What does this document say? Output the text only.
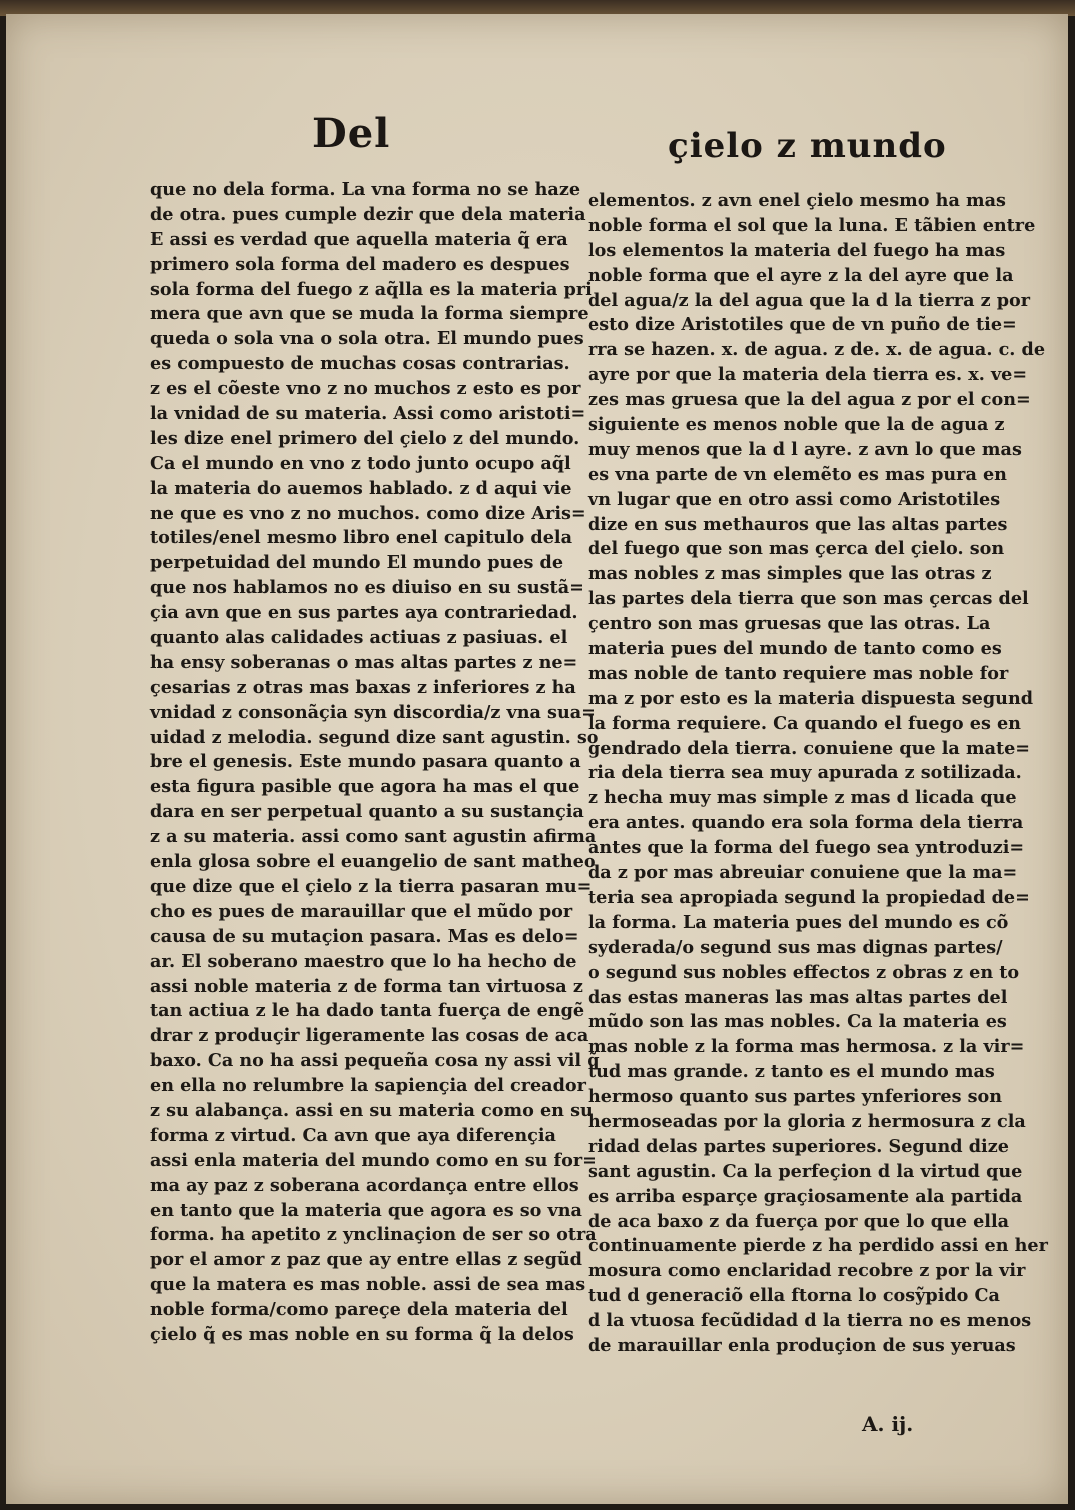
Del	çielo z mundo
que no dela forma. La vna forma no se haze
de otra. pues cumple dezir que dela materia
E assi es verdad que aquella materia q̃ era
primero sola forma del madero es despues
sola forma del fuego z aq̃lla es la materia pri
mera que avn que se muda la forma siempre
queda o sola vna o sola otra. El mundo pues
es compuesto de muchas cosas contrarias.
z es el cõeste vno z no muchos z esto es por
la vnidad de su materia. Assi como aristoti=
les dize enel primero del çielo z del mundo.
Ca el mundo en vno z todo junto ocupo aq̃l
la materia do auemos hablado. z d aqui vie
ne que es vno z no muchos. como dize Aris=
totiles/enel mesmo libro enel capitulo dela
perpetuidad del mundo El mundo pues de
que nos hablamos no es diuiso en su sustã=
çia avn que en sus partes aya contrariedad.
quanto alas calidades actiuas z pasiuas. el
ha ensy soberanas o mas altas partes z ne=
çesarias z otras mas baxas z inferiores z ha
vnidad z consonãçia syn discordia/z vna sua=
uidad z melodia. segund dize sant agustin. so
bre el genesis. Este mundo pasara quanto a
esta figura pasible que agora ha mas el que
dara en ser perpetual quanto a su sustançia
z a su materia. assi como sant agustin afirma
enla glosa sobre el euangelio de sant matheo
que dize que el çielo z la tierra pasaran mu=
cho es pues de marauillar que el mũdo por
causa de su mutaçion pasara. Mas es delo=
ar. El soberano maestro que lo ha hecho de
assi noble materia z de forma tan virtuosa z
tan actiua z le ha dado tanta fuerça de engẽ
drar z produçir ligeramente las cosas de aca
baxo. Ca no ha assi pequeña cosa ny assi vil q̃
en ella no relumbre la sapiençia del creador
z su alabança. assi en su materia como en su
forma z virtud. Ca avn que aya diferençia
assi enla materia del mundo como en su for=
ma ay paz z soberana acordança entre ellos
en tanto que la materia que agora es so vna
forma. ha apetito z ynclinaçion de ser so otra
por el amor z paz que ay entre ellas z segũd
que la matera es mas noble. assi de sea mas
noble forma/como pareçe dela materia del
çielo q̃ es mas noble en su forma q̃ la delos
elementos. z avn enel çielo mesmo ha mas
noble forma el sol que la luna. E tãbien entre
los elementos la materia del fuego ha mas
noble forma que el ayre z la del ayre que la
del agua/z la del agua que la d la tierra z por
esto dize Aristotiles que de vn puño de tie=
rra se hazen. x. de agua. z de. x. de agua. c. de
ayre por que la materia dela tierra es. x. ve=
zes mas gruesa que la del agua z por el con=
siguiente es menos noble que la de agua z
muy menos que la d l ayre. z avn lo que mas
es vna parte de vn elemẽto es mas pura en
vn lugar que en otro assi como Aristotiles
dize en sus methauros que las altas partes
del fuego que son mas çerca del çielo. son
mas nobles z mas simples que las otras z
las partes dela tierra que son mas çercas del
çentro son mas gruesas que las otras. La
materia pues del mundo de tanto como es
mas noble de tanto requiere mas noble for
ma z por esto es la materia dispuesta segund
la forma requiere. Ca quando el fuego es en
gendrado dela tierra. conuiene que la mate=
ria dela tierra sea muy apurada z sotilizada.
z hecha muy mas simple z mas d licada que
era antes. quando era sola forma dela tierra
antes que la forma del fuego sea yntroduzi=
da z por mas abreuiar conuiene que la ma=
teria sea apropiada segund la propiedad de=
la forma. La materia pues del mundo es cõ
syderada/o segund sus mas dignas partes/
o segund sus nobles effectos z obras z en to
das estas maneras las mas altas partes del
mũdo son las mas nobles. Ca la materia es
mas noble z la forma mas hermosa. z la vir=
tud mas grande. z tanto es el mundo mas
hermoso quanto sus partes ynferiores son
hermoseadas por la gloria z hermosura z cla
ridad delas partes superiores. Segund dize
sant agustin. Ca la perfeçion d la virtud que
es arriba esparçe graçiosamente ala partida
de aca baxo z da fuerça por que lo que ella
continuamente pierde z ha perdido assi en her
mosura como enclaridad recobre z por la vir
tud d generaciõ ella ftorna lo cosỹpido Ca
d la vtuosa fecũdidad d la tierra no es menos
de marauillar enla produçion de sus yeruas
A. ij.
